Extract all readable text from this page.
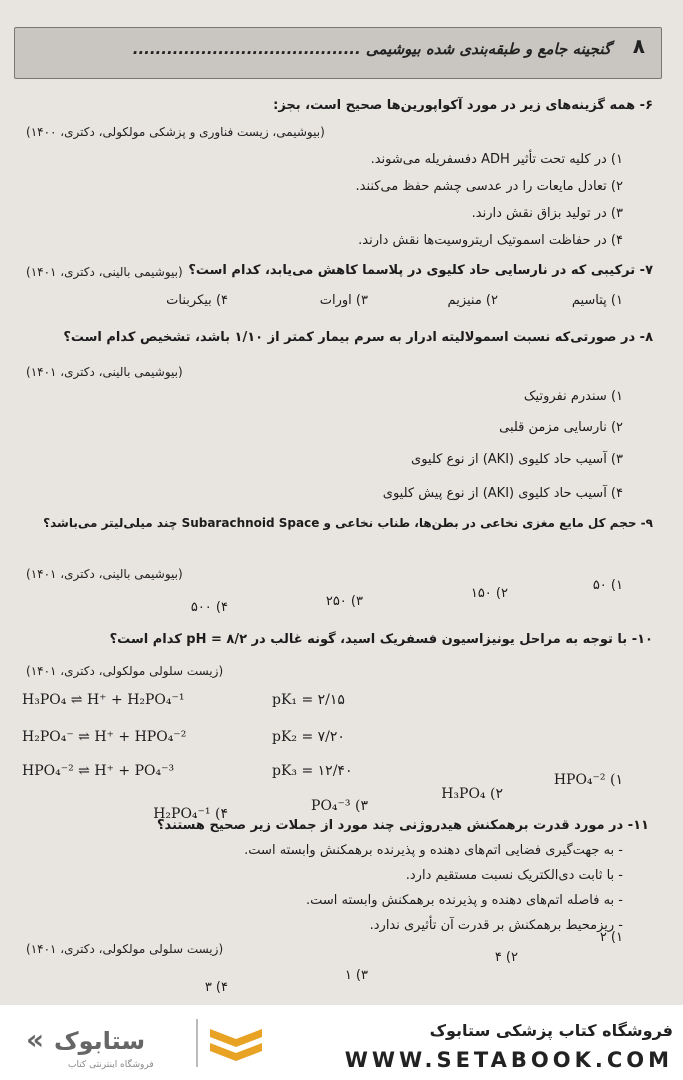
۸
گنجینه جامع و طبقه‌بندی شده بیوشیمی ........................................
۶- همه گزینه‌های زیر در مورد آکواپورین‌ها صحیح است، بجز:
(بیوشیمی، زیست فناوری و پزشکی مولکولی، دکتری، ۱۴۰۰)
۱) در کلیه تحت تأثیر ADH دفسفریله می‌شوند.
۲) تعادل مایعات را در عدسی چشم حفظ می‌کنند.
۳) در تولید بزاق نقش دارند.
۴) در حفاظت اسموتیک اریتروسیت‌ها نقش دارند.
۷- ترکیبی که در نارسایی حاد کلیوی در پلاسما کاهش می‌یابد، کدام است؟
(بیوشیمی بالینی، دکتری، ۱۴۰۱)
۱) پتاسیم
۲) منیزیم
۳) اورات
۴) بیکربنات
۸- در صورتی‌که نسبت اسمولالیته ادرار به سرم بیمار کمتر از ۱/۱۰ باشد، تشخیص کدام است؟
(بیوشیمی بالینی، دکتری، ۱۴۰۱)
۱) سندرم نفروتیک
۲) نارسایی مزمن قلبی
۳) آسیب حاد کلیوی (AKI) از نوع کلیوی
۴) آسیب حاد کلیوی (AKI) از نوع پیش کلیوی
۹- حجم کل مایع مغزی نخاعی در بطن‌ها، طناب نخاعی و Subarachnoid Space چند میلی‌لیتر می‌باشد؟
(بیوشیمی بالینی، دکتری، ۱۴۰۱)
۱) ۵۰
۲) ۱۵۰
۳) ۲۵۰
۴) ۵۰۰
۱۰- با توجه به مراحل یونیزاسیون فسفریک اسید، گونه غالب در pH = ۸/۲ کدام است؟
(زیست سلولی مولکولی، دکتری، ۱۴۰۱)
H₃PO₄ ⇌ H⁺ + H₂PO₄⁻¹	pK₁ = ۲/۱۵
H₂PO₄⁻ ⇌ H⁺ + HPO₄⁻²	pK₂ = ۷/۲۰
HPO₄⁻² ⇌ H⁺ + PO₄⁻³	pK₃ = ۱۲/۴۰
۱) HPO₄⁻²
۲) H₃PO₄
۳) PO₄⁻³
۴) H₂PO₄⁻¹
۱۱- در مورد قدرت برهمکنش هیدروژنی چند مورد از جملات زیر صحیح هستند؟
- به جهت‌گیری فضایی اتم‌های دهنده و پذیرنده برهمکنش وابسته است.
- با ثابت دی‌الکتریک نسبت مستقیم دارد.
- به فاصله اتم‌های دهنده و پذیرنده برهمکنش وابسته است.
- ریزمحیط برهمکنش بر قدرت آن تأثیری ندارد.
(زیست سلولی مولکولی، دکتری، ۱۴۰۱)
۱) ۲
۲) ۴
۳) ۱
۴) ۳
« ستابوک
فروشگاه اینترنتی کتاب
فروشگاه کتاب پزشکی ستابوک
WWW.SETABOOK.COM
